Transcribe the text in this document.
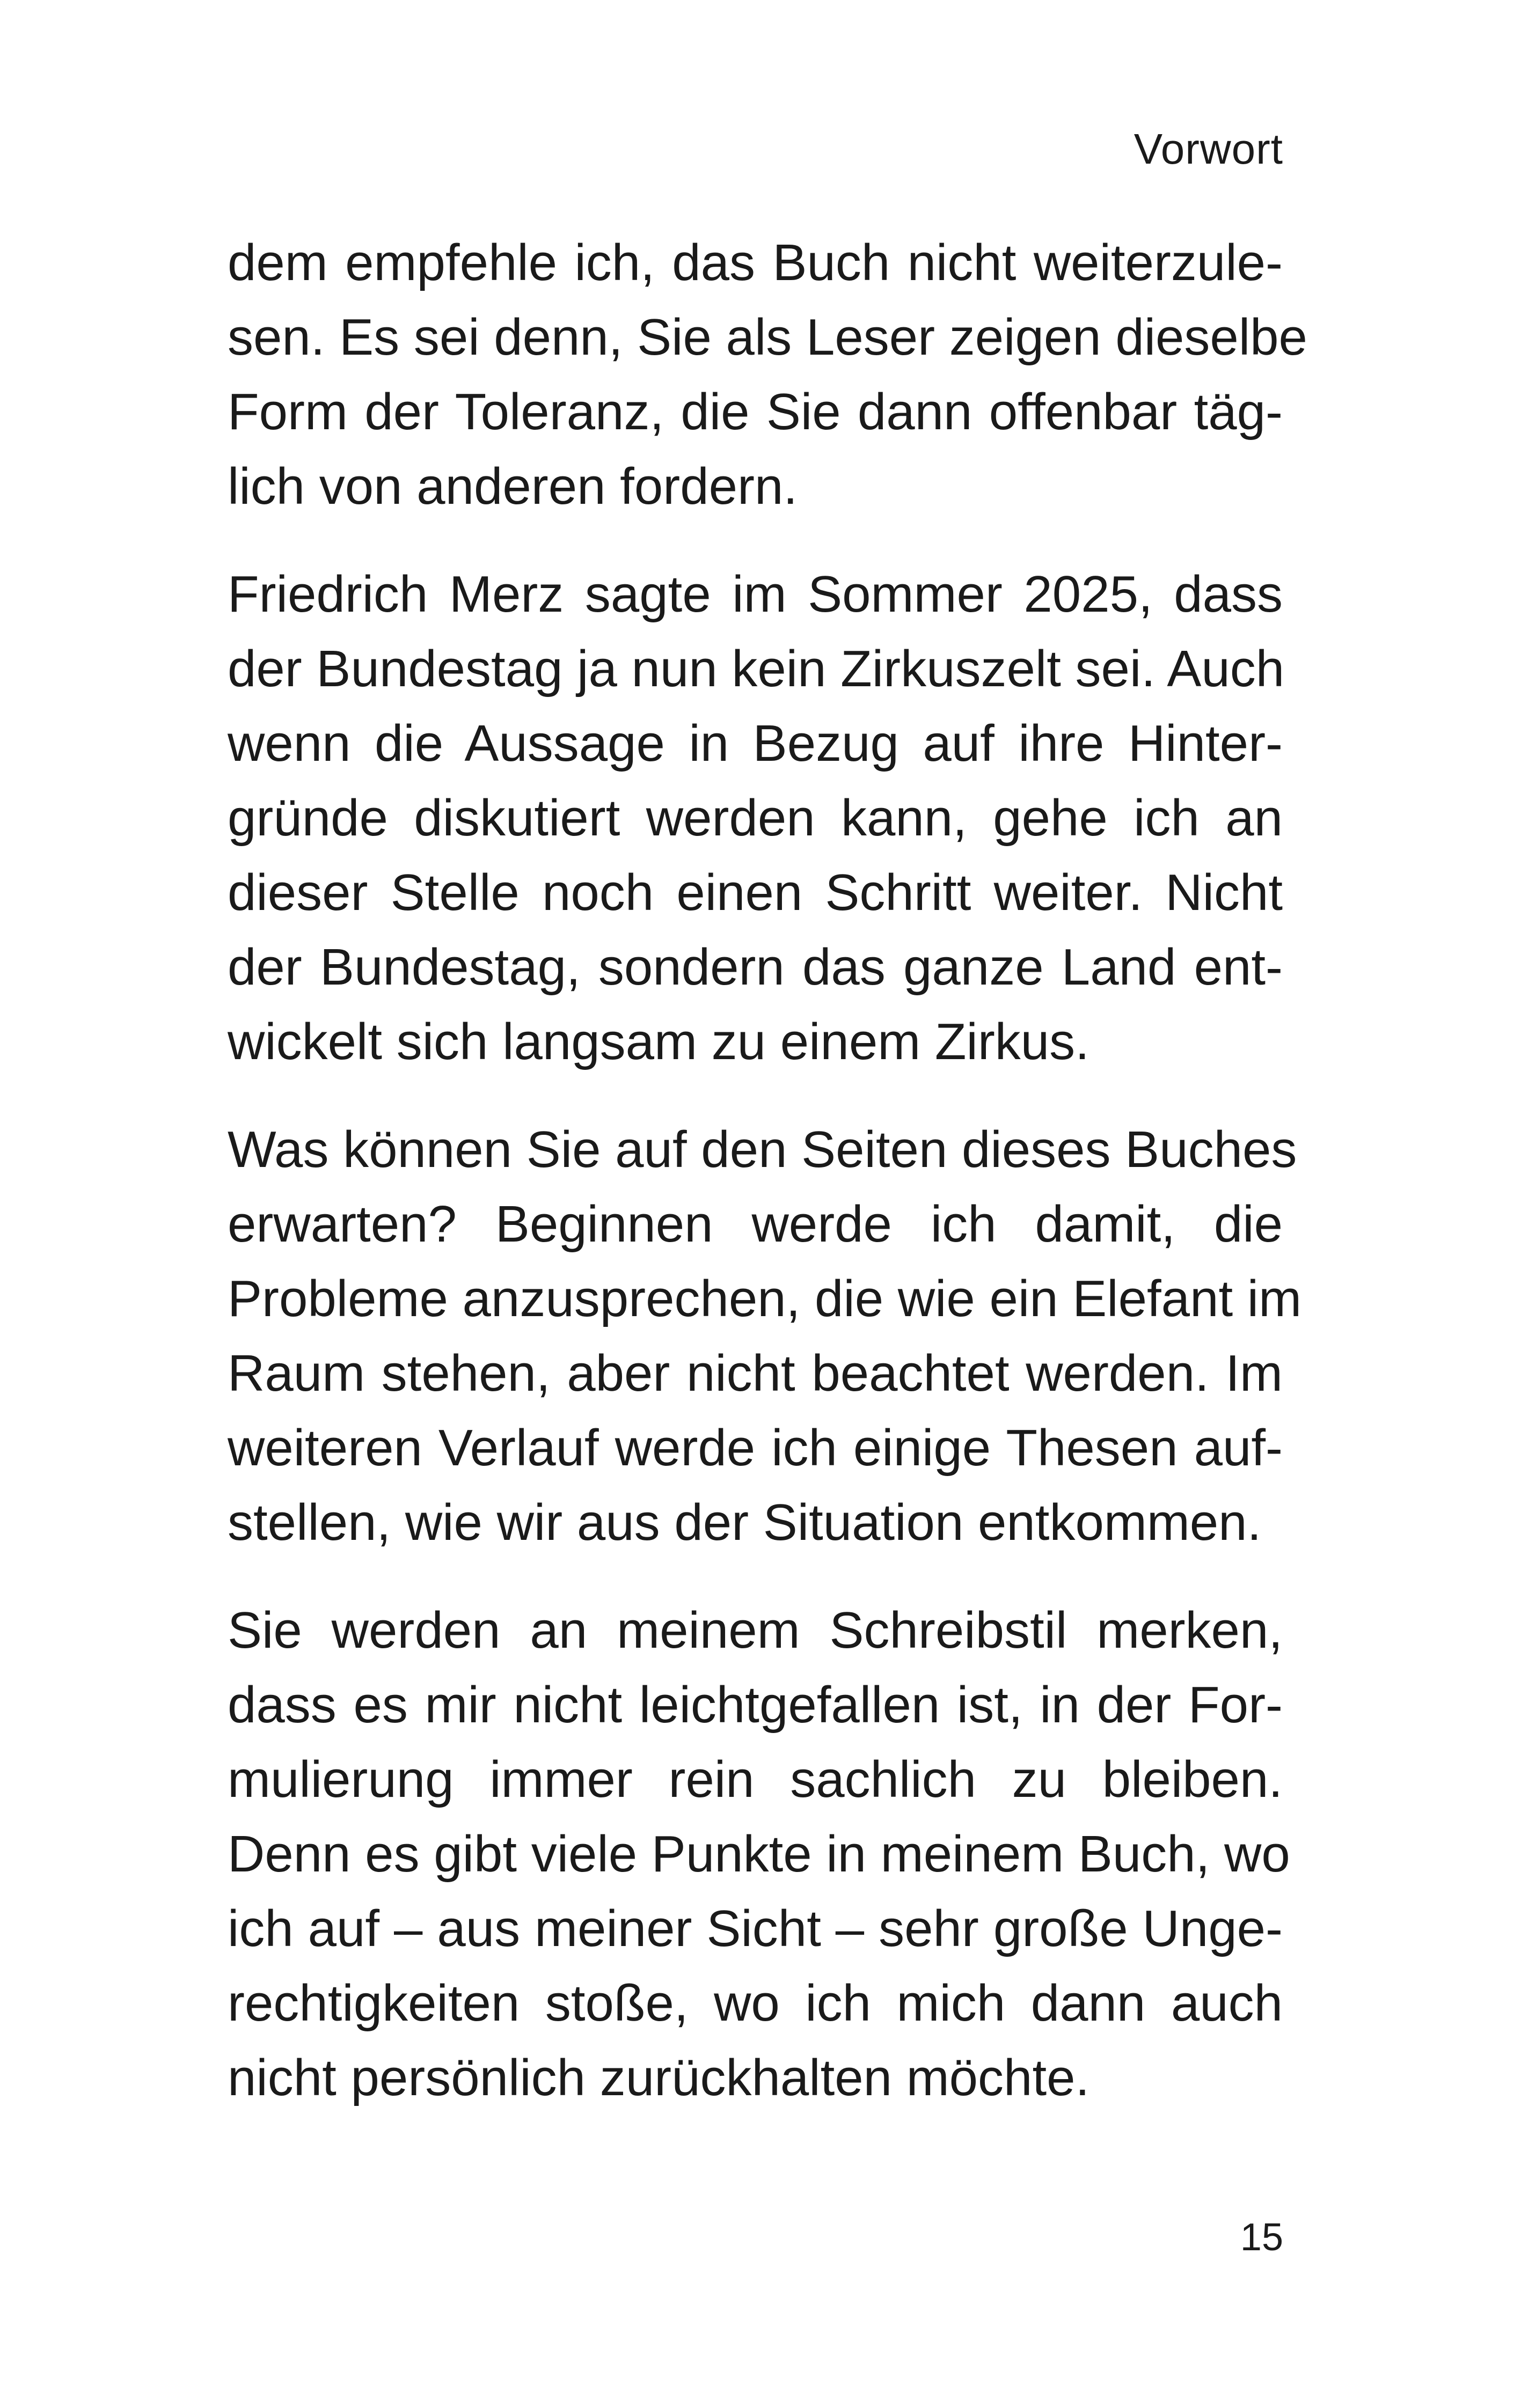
Vorwort

dem empfehle ich, das Buch nicht weiterzule-
sen. Es sei denn, Sie als Leser zeigen dieselbe
Form der Toleranz, die Sie dann offenbar täg-
lich von anderen fordern.

Friedrich Merz sagte im Sommer 2025, dass
der Bundestag ja nun kein Zirkuszelt sei. Auch
wenn die Aussage in Bezug auf ihre Hinter-
gründe diskutiert werden kann, gehe ich an
dieser Stelle noch einen Schritt weiter. Nicht
der Bundestag, sondern das ganze Land ent-
wickelt sich langsam zu einem Zirkus.

Was können Sie auf den Seiten dieses Buches
erwarten? Beginnen werde ich damit, die
Probleme anzusprechen, die wie ein Elefant im
Raum stehen, aber nicht beachtet werden. Im
weiteren Verlauf werde ich einige Thesen auf-
stellen, wie wir aus der Situation entkommen.

Sie werden an meinem Schreibstil merken,
dass es mir nicht leichtgefallen ist, in der For-
mulierung immer rein sachlich zu bleiben.
Denn es gibt viele Punkte in meinem Buch, wo
ich auf – aus meiner Sicht – sehr große Unge-
rechtigkeiten stoße, wo ich mich dann auch
nicht persönlich zurückhalten möchte.

15
